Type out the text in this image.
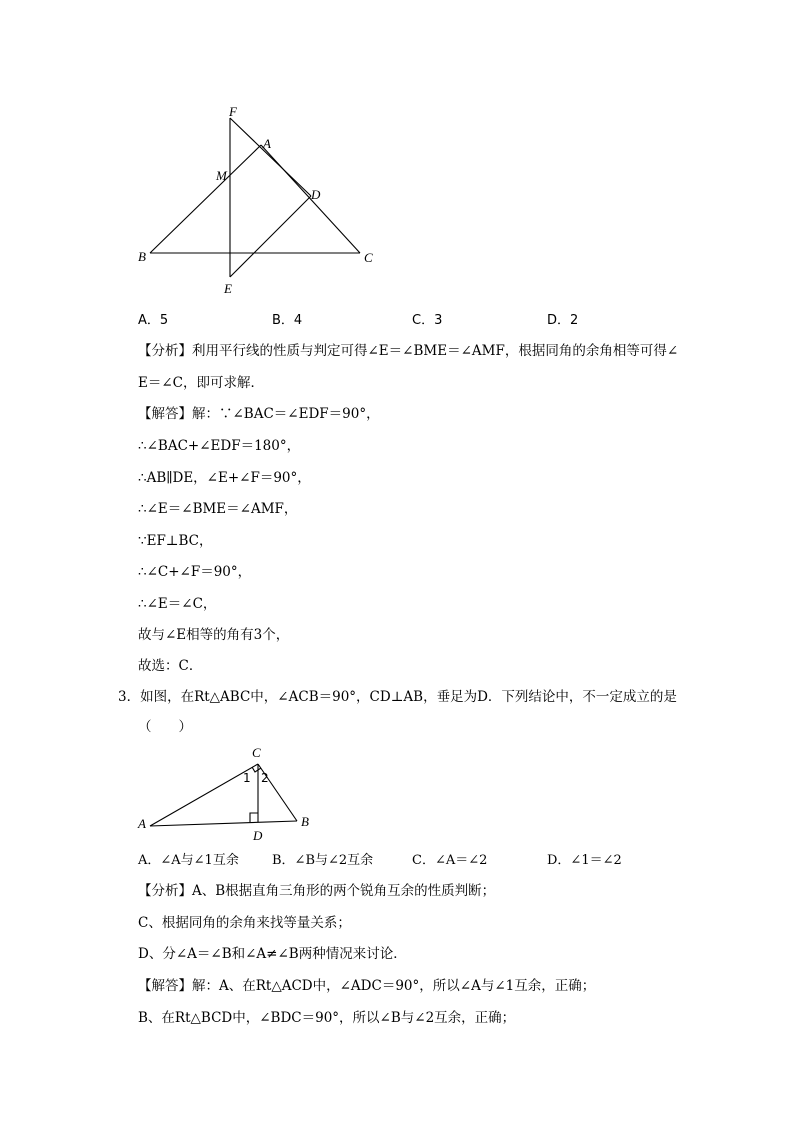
F
A
M
D
B	C
E
A．5	B．4	C．3	D．2
【分析】利用平行线的性质与判定可得∠E＝∠BME＝∠AMF，根据同角的余角相等可得∠
E＝∠C，即可求解．
【解答】解：∵∠BAC＝∠EDF＝90°，
∴∠BAC+∠EDF＝180°，
∴AB∥DE，∠E+∠F＝90°，
∴∠E＝∠BME＝∠AMF，
∵EF⊥BC，
∴∠C+∠F＝90°，
∴∠E＝∠C，
故与∠E相等的角有3个，
故选：C．
3．如图，在Rt△ABC中，∠ACB＝90°，CD⊥AB，垂足为D．下列结论中，不一定成立的是
（　　）
C
A	B
D
1 2
A．∠A与∠1互余	B．∠B与∠2互余	C．∠A＝∠2	D．∠1＝∠2
【分析】A、B根据直角三角形的两个锐角互余的性质判断；
C、根据同角的余角来找等量关系；
D、分∠A＝∠B和∠A≠∠B两种情况来讨论．
【解答】解：A、在Rt△ACD中，∠ADC＝90°，所以∠A与∠1互余，正确；
B、在Rt△BCD中，∠BDC＝90°，所以∠B与∠2互余，正确；
